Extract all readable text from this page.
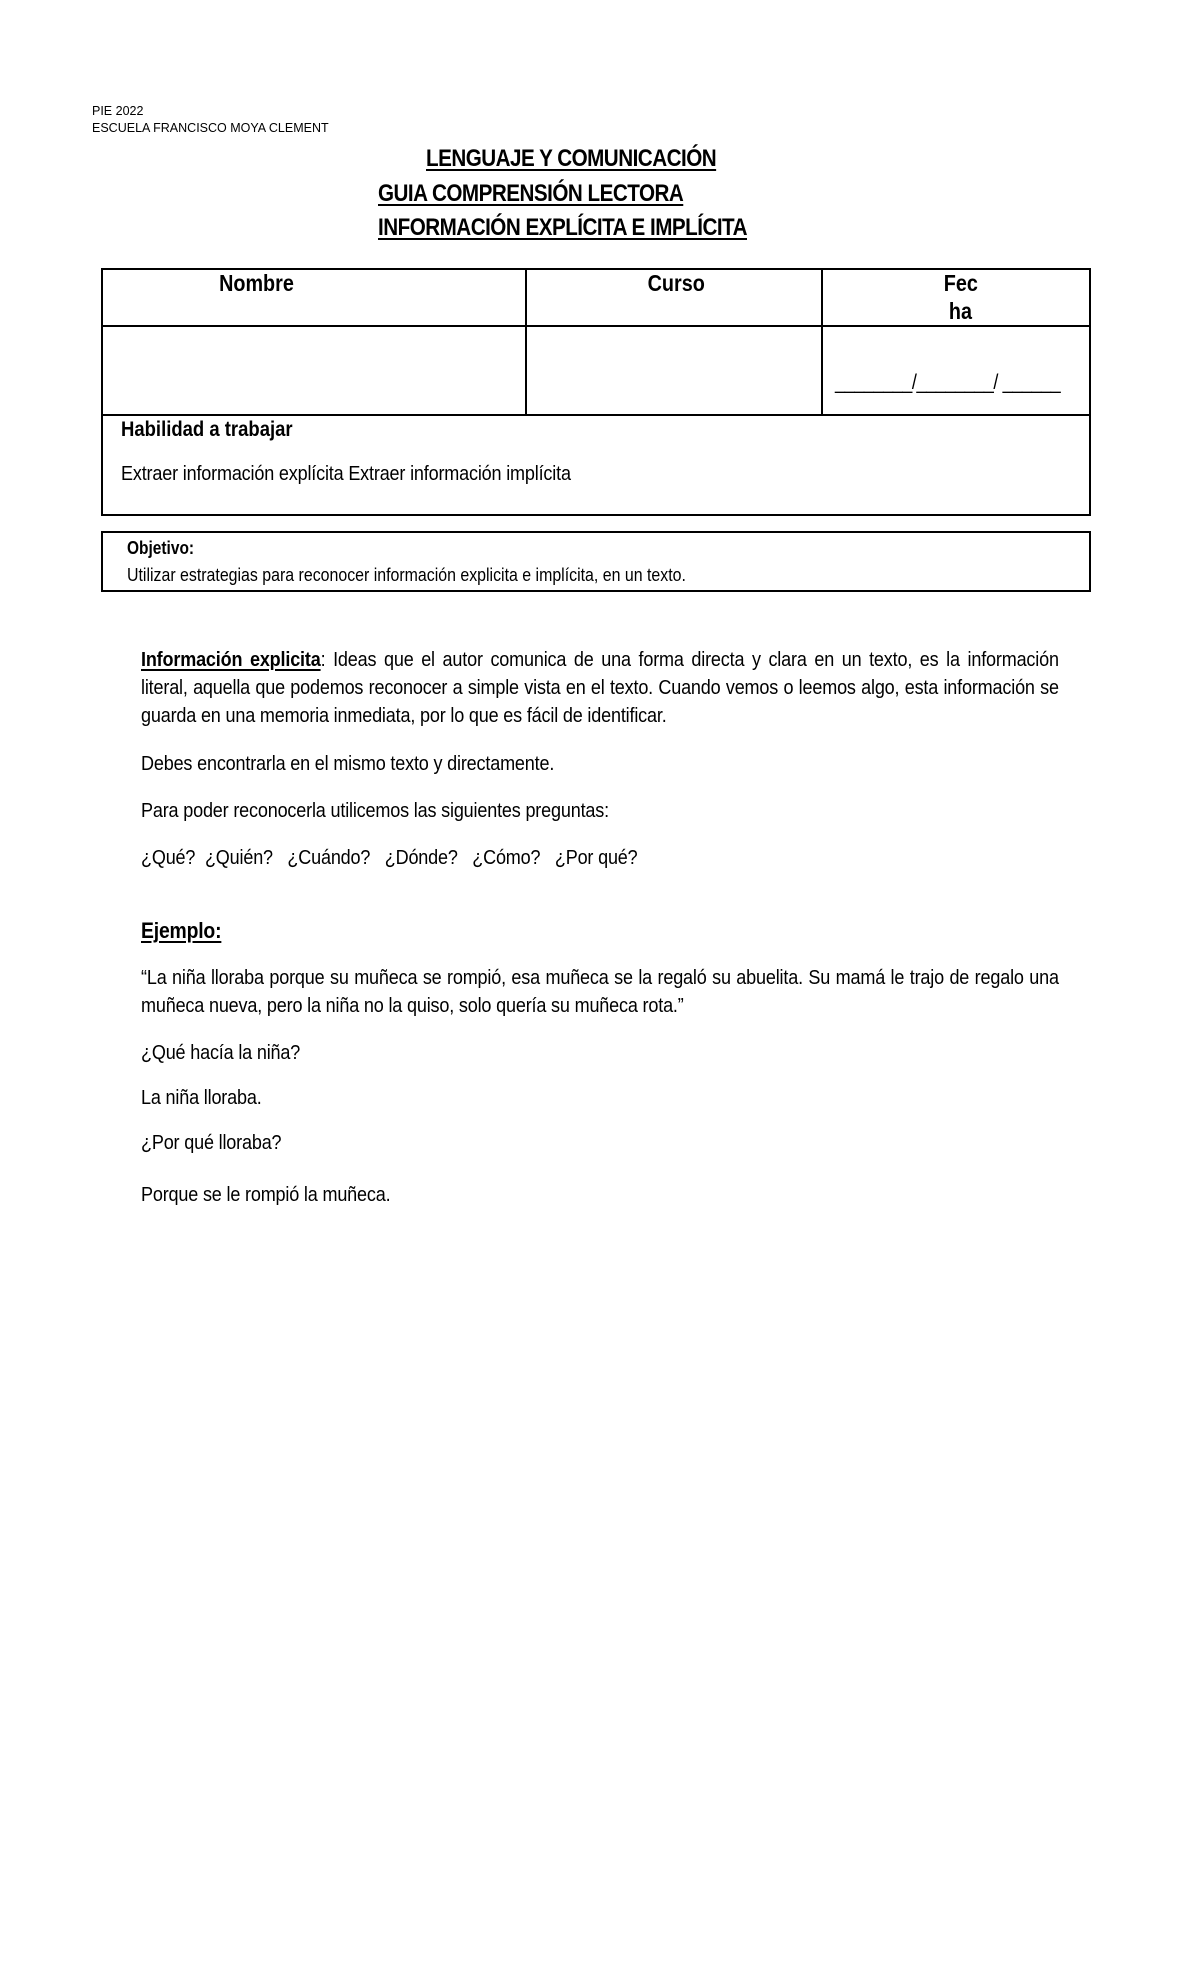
PIE 2022
ESCUELA FRANCISCO MOYA CLEMENT
LENGUAJE Y COMUNICACIÓN
GUIA COMPRENSIÓN LECTORA
INFORMACIÓN EXPLÍCITA E IMPLÍCITA
Nombre	Curso	Fec
ha
________/________/ ______
Habilidad a trabajar
Extraer información explícita Extraer información implícita
Objetivo:
Utilizar estrategias para reconocer información explicita e implícita, en un texto.
Información explicita: Ideas que el autor comunica de una forma directa y clara en un texto, es la información literal, aquella que podemos reconocer a simple vista en el texto. Cuando vemos o leemos algo, esta información se guarda en una memoria inmediata, por lo que es fácil de identificar.
Debes encontrarla en el mismo texto y directamente.
Para poder reconocerla utilicemos las siguientes preguntas:
¿Qué?  ¿Quién?   ¿Cuándo?   ¿Dónde?   ¿Cómo?   ¿Por qué?
Ejemplo:
“La niña lloraba porque su muñeca se rompió, esa muñeca se la regaló su abuelita. Su mamá le trajo de regalo una muñeca nueva, pero la niña no la quiso, solo quería su muñeca rota.”
¿Qué hacía la niña?
La niña lloraba.
¿Por qué lloraba?
Porque se le rompió la muñeca.
